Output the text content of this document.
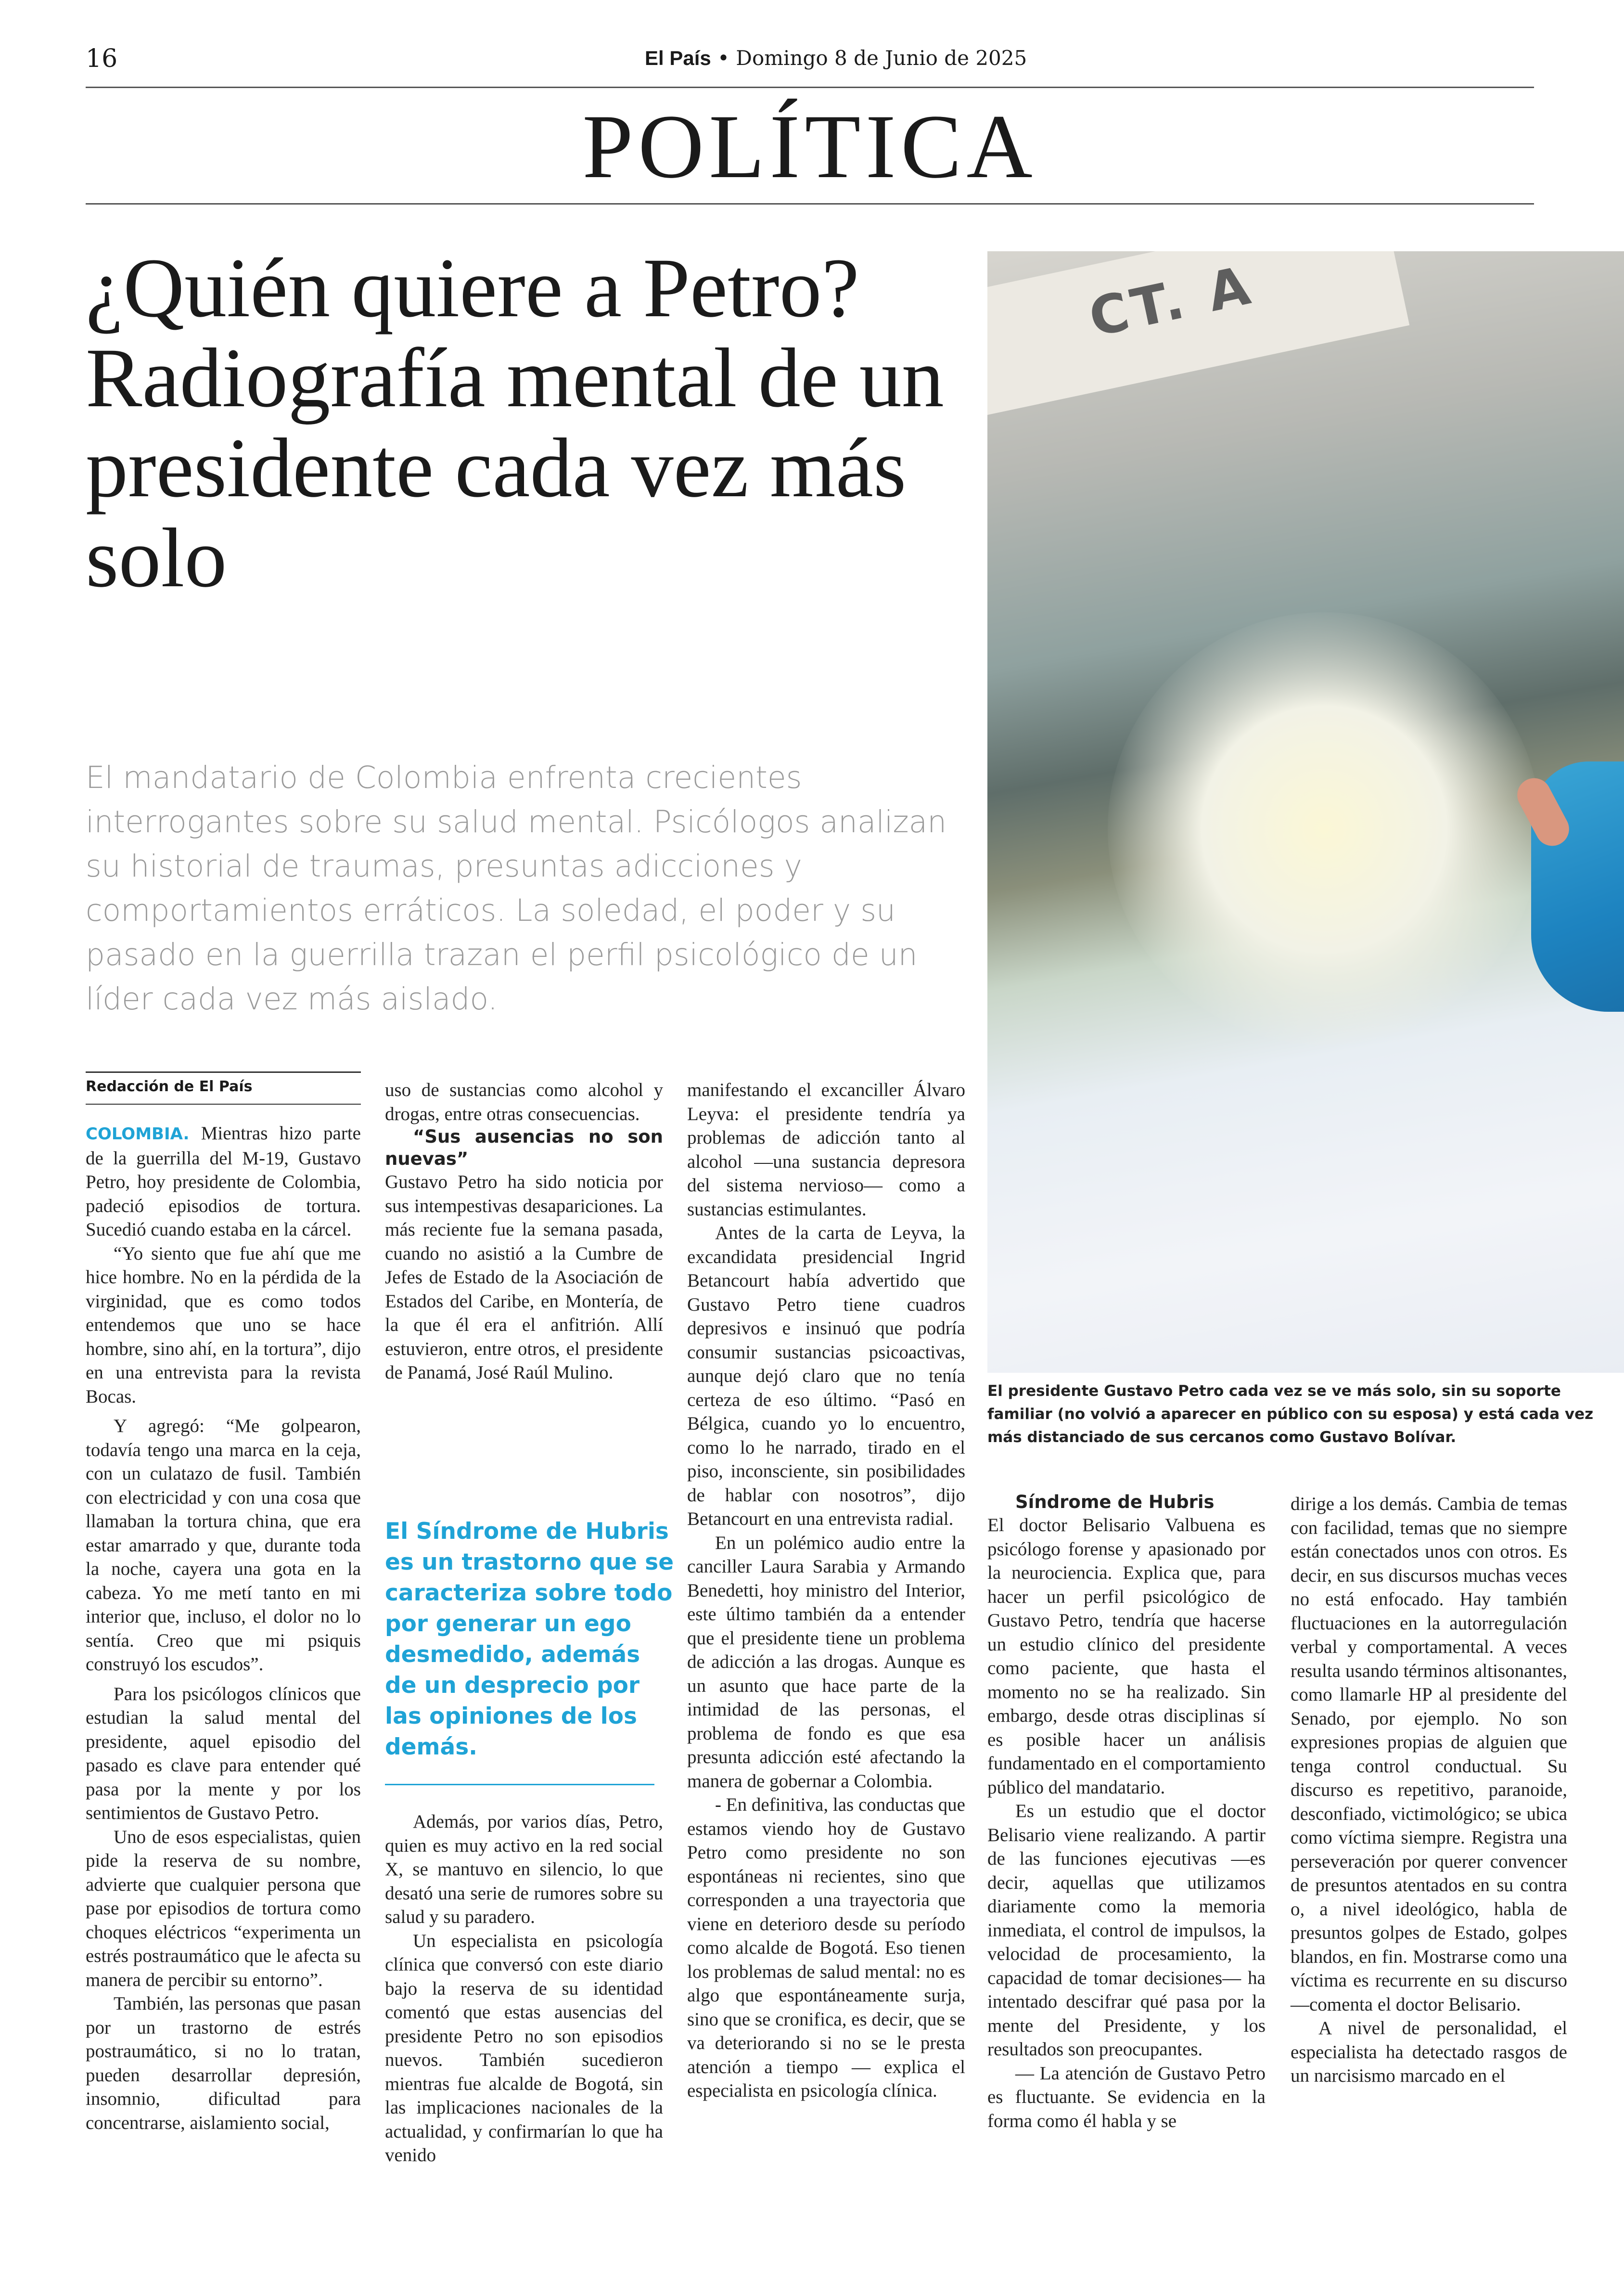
16	El País • Domingo 8 de Junio de 2025
POLÍTICA
¿Quién quiere a Petro? Radiografía mental de un presidente cada vez más solo

El mandatario de Colombia enfrenta crecientes interrogantes sobre su salud mental. Psicólogos analizan su historial de traumas, presuntas adicciones y comportamientos erráticos. La soledad, el poder y su pasado en la guerrilla trazan el perfil psicológico de un líder cada vez más aislado.

CT. A

El presidente Gustavo Petro cada vez se ve más solo, sin su soporte familiar (no volvió a aparecer en público con su esposa) y está cada vez más distanciado de sus cercanos como Gustavo Bolívar.

Redacción de El País

COLOMBIA. Mientras hizo parte de la guerrilla del M-19, Gustavo Petro, hoy presidente de Colombia, padeció episodios de tortura. Sucedió cuando estaba en la cárcel.

“Yo siento que fue ahí que me hice hombre. No en la pérdida de la virginidad, que es como todos entendemos que uno se hace hombre, sino ahí, en la tortura”, dijo en una entrevista para la revista Bocas.

Y agregó: “Me golpearon, todavía tengo una marca en la ceja, con un culatazo de fusil. También con electricidad y con una cosa que llamaban la tortura china, que era estar amarrado y que, durante toda la noche, cayera una gota en la cabeza. Yo me metí tanto en mi interior que, incluso, el dolor no lo sentía. Creo que mi psiquis construyó los escudos”.

Para los psicólogos clínicos que estudian la salud mental del presidente, aquel episodio del pasado es clave para entender qué pasa por la mente y por los sentimientos de Gustavo Petro.

Uno de esos especialistas, quien pide la reserva de su nombre, advierte que cualquier persona que pase por episodios de tortura como choques eléctricos “experimenta un estrés postraumático que le afecta su manera de percibir su entorno”.

También, las personas que pasan por un trastorno de estrés postraumático, si no lo tratan, pueden desarrollar depresión, insomnio, dificultad para concentrarse, aislamiento social,

uso de sustancias como alcohol y drogas, entre otras consecuencias.

“Sus ausencias no son nuevas”

Gustavo Petro ha sido noticia por sus intempestivas desapariciones. La más reciente fue la semana pasada, cuando no asistió a la Cumbre de Jefes de Estado de la Asociación de Estados del Caribe, en Montería, de la que él era el anfitrión. Allí estuvieron, entre otros, el presidente de Panamá, José Raúl Mulino.

El Síndrome de Hubris es un trastorno que se caracteriza sobre todo por generar un ego desmedido, además de un desprecio por las opiniones de los demás.

Además, por varios días, Petro, quien es muy activo en la red social X, se mantuvo en silencio, lo que desató una serie de rumores sobre su salud y su paradero.

Un especialista en psicología clínica que conversó con este diario bajo la reserva de su identidad comentó que estas ausencias del presidente Petro no son episodios nuevos. También sucedieron mientras fue alcalde de Bogotá, sin las implicaciones nacionales de la actualidad, y confirmarían lo que ha venido

manifestando el excanciller Álvaro Leyva: el presidente tendría ya problemas de adicción tanto al alcohol —una sustancia depresora del sistema nervioso— como a sustancias estimulantes.

Antes de la carta de Leyva, la excandidata presidencial Ingrid Betancourt había advertido que Gustavo Petro tiene cuadros depresivos e insinuó que podría consumir sustancias psicoactivas, aunque dejó claro que no tenía certeza de eso último. “Pasó en Bélgica, cuando yo lo encuentro, como lo he narrado, tirado en el piso, inconsciente, sin posibilidades de hablar con nosotros”, dijo Betancourt en una entrevista radial.

En un polémico audio entre la canciller Laura Sarabia y Armando Benedetti, hoy ministro del Interior, este último también da a entender que el presidente tiene un problema de adicción a las drogas. Aunque es un asunto que hace parte de la intimidad de las personas, el problema de fondo es que esa presunta adicción esté afectando la manera de gobernar a Colombia.

- En definitiva, las conductas que estamos viendo hoy de Gustavo Petro como presidente no son espontáneas ni recientes, sino que corresponden a una trayectoria que viene en deterioro desde su período como alcalde de Bogotá. Eso tienen los problemas de salud mental: no es algo que espontáneamente surja, sino que se cronifica, es decir, que se va deteriorando si no se le presta atención a tiempo — explica el especialista en psicología clínica.

Síndrome de Hubris

El doctor Belisario Valbuena es psicólogo forense y apasionado por la neurociencia. Explica que, para hacer un perfil psicológico de Gustavo Petro, tendría que hacerse un estudio clínico del presidente como paciente, que hasta el momento no se ha realizado. Sin embargo, desde otras disciplinas sí es posible hacer un análisis fundamentado en el comportamiento público del mandatario.

Es un estudio que el doctor Belisario viene realizando. A partir de las funciones ejecutivas —es decir, aquellas que utilizamos diariamente como la memoria inmediata, el control de impulsos, la velocidad de procesamiento, la capacidad de tomar decisiones— ha intentado descifrar qué pasa por la mente del Presidente, y los resultados son preocupantes.

— La atención de Gustavo Petro es fluctuante. Se evidencia en la forma como él habla y se

dirige a los demás. Cambia de temas con facilidad, temas que no siempre están conectados unos con otros. Es decir, en sus discursos muchas veces no está enfocado. Hay también fluctuaciones en la autorregulación verbal y comportamental. A veces resulta usando términos altisonantes, como llamarle HP al presidente del Senado, por ejemplo. No son expresiones propias de alguien que tenga control conductual. Su discurso es repetitivo, paranoide, desconfiado, victimológico; se ubica como víctima siempre. Registra una perseveración por querer convencer de presuntos atentados en su contra o, a nivel ideológico, habla de presuntos golpes de Estado, golpes blandos, en fin. Mostrarse como una víctima es recurrente en su discurso —comenta el doctor Belisario.

A nivel de personalidad, el especialista ha detectado rasgos de un narcisismo marcado en el
